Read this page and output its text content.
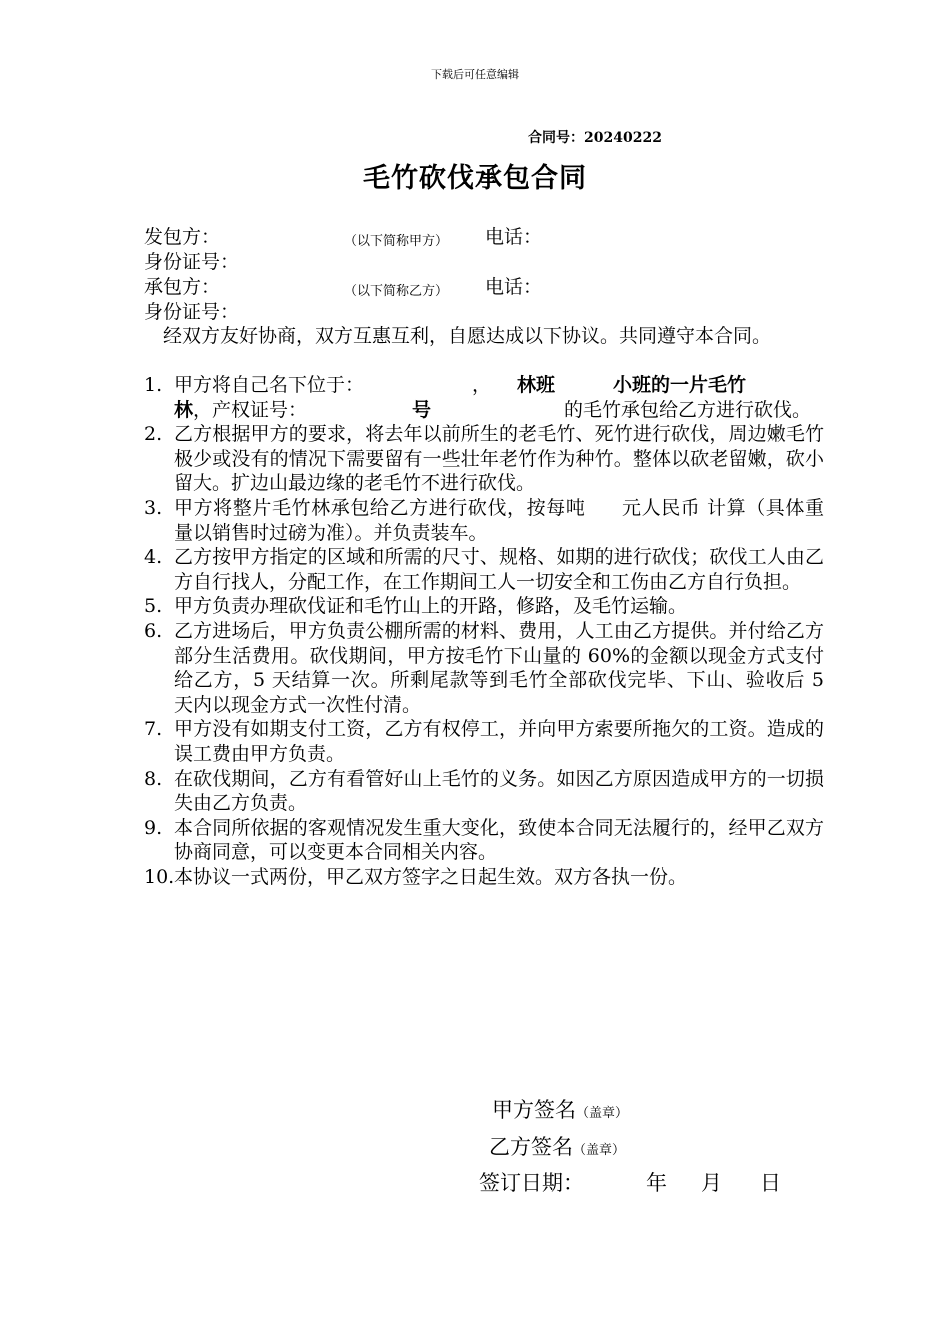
下载后可任意编辑
合同号：20240222
毛竹砍伐承包合同
发包方：	（以下简称甲方） 电话：
身份证号：
承包方：	（以下简称乙方） 电话：
身份证号：
经双方友好协商，双方互惠互利，自愿达成以下协议。共同遵守本合同。
1. 甲方将自己名下位于：	， 林班	小班的一片毛竹
林，产权证号：	号	的毛竹承包给乙方进行砍伐。

2. 乙方根据甲方的要求，将去年以前所生的老毛竹、死竹进行砍伐，周边嫩毛竹极少或没有的情况下需要留有一些壮年老竹作为种竹。整体以砍老留嫩，砍小留大。扩边山最边缘的老毛竹不进行砍伐。

3. 甲方将整片毛竹林承包给乙方进行砍伐，按每吨 元人民币 计算（具体重量以销售时过磅为准）。并负责装车。

4. 乙方按甲方指定的区域和所需的尺寸、规格、如期的进行砍伐；砍伐工人由乙方自行找人，分配工作，在工作期间工人一切安全和工伤由乙方自行负担。

5. 甲方负责办理砍伐证和毛竹山上的开路，修路，及毛竹运输。

6. 乙方进场后，甲方负责公棚所需的材料、费用，人工由乙方提供。并付给乙方部分生活费用。砍伐期间，甲方按毛竹下山量的 60%的金额以现金方式支付给乙方，5 天结算一次。所剩尾款等到毛竹全部砍伐完毕、下山、验收后 5 天内以现金方式一次性付清。

7. 甲方没有如期支付工资，乙方有权停工，并向甲方索要所拖欠的工资。造成的误工费由甲方负责。

8. 在砍伐期间，乙方有看管好山上毛竹的义务。如因乙方原因造成甲方的一切损失由乙方负责。

9. 本合同所依据的客观情况发生重大变化，致使本合同无法履行的，经甲乙双方协商同意，可以变更本合同相关内容。

10. 本协议一式两份，甲乙双方签字之日起生效。双方各执一份。

甲方签名（盖章）
乙方签名（盖章）
签订日期：	年 月 日
